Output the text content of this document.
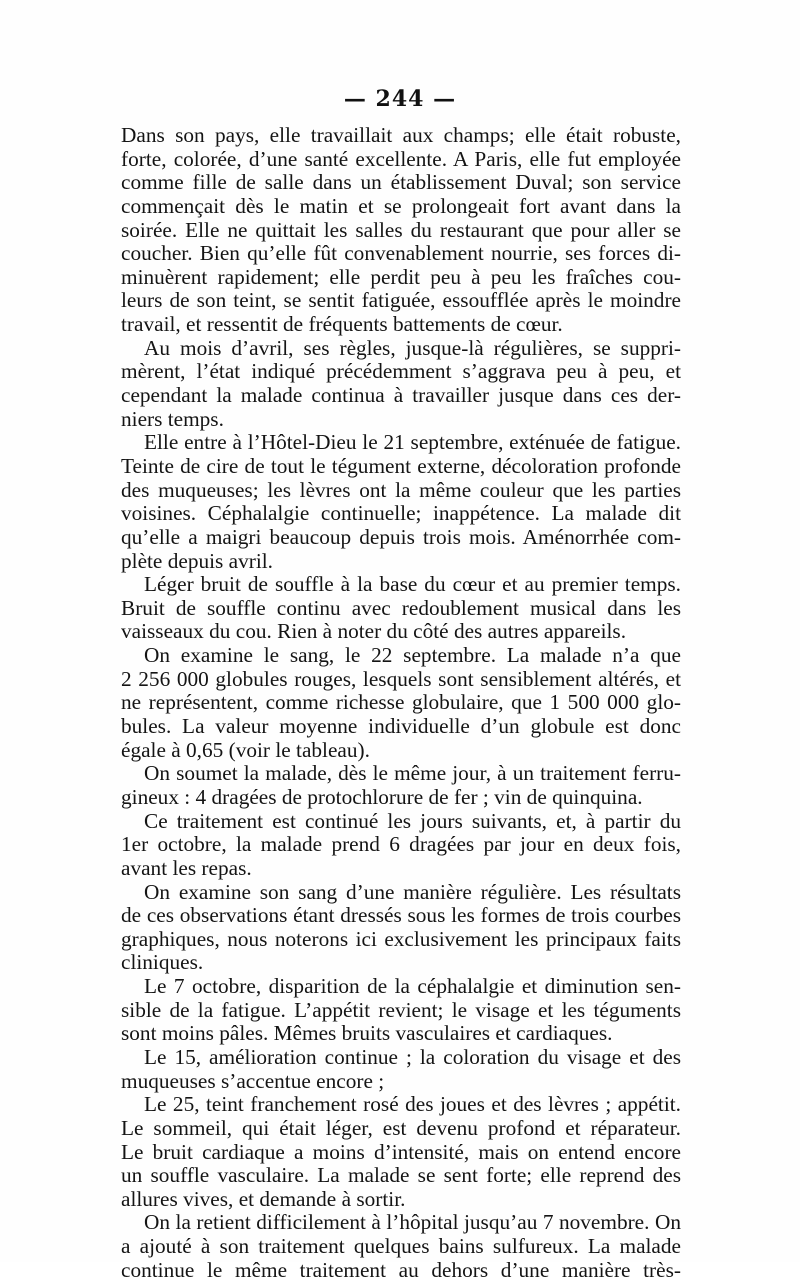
— 244 —
Dans son pays, elle travaillait aux champs; elle était robuste,
forte, colorée, d’une santé excellente. A Paris, elle fut employée
comme fille de salle dans un établissement Duval; son service
commençait dès le matin et se prolongeait fort avant dans la
soirée. Elle ne quittait les salles du restaurant que pour aller se
coucher. Bien qu’elle fût convenablement nourrie, ses forces di-
minuèrent rapidement; elle perdit peu à peu les fraîches cou-
leurs de son teint, se sentit fatiguée, essoufflée après le moindre
travail, et ressentit de fréquents battements de cœur.
Au mois d’avril, ses règles, jusque-là régulières, se suppri-
mèrent, l’état indiqué précédemment s’aggrava peu à peu, et
cependant la malade continua à travailler jusque dans ces der-
niers temps.
Elle entre à l’Hôtel-Dieu le 21 septembre, exténuée de fatigue.
Teinte de cire de tout le tégument externe, décoloration profonde
des muqueuses; les lèvres ont la même couleur que les parties
voisines. Céphalalgie continuelle; inappétence. La malade dit
qu’elle a maigri beaucoup depuis trois mois. Aménorrhée com-
plète depuis avril.
Léger bruit de souffle à la base du cœur et au premier temps.
Bruit de souffle continu avec redoublement musical dans les
vaisseaux du cou. Rien à noter du côté des autres appareils.
On examine le sang, le 22 septembre. La malade n’a que
2 256 000 globules rouges, lesquels sont sensiblement altérés, et
ne représentent, comme richesse globulaire, que 1 500 000 glo-
bules. La valeur moyenne individuelle d’un globule est donc
égale à 0,65 (voir le tableau).
On soumet la malade, dès le même jour, à un traitement ferru-
gineux : 4 dragées de protochlorure de fer ; vin de quinquina.
Ce traitement est continué les jours suivants, et, à partir du
1er octobre, la malade prend 6 dragées par jour en deux fois,
avant les repas.
On examine son sang d’une manière régulière. Les résultats
de ces observations étant dressés sous les formes de trois courbes
graphiques, nous noterons ici exclusivement les principaux faits
cliniques.
Le 7 octobre, disparition de la céphalalgie et diminution sen-
sible de la fatigue. L’appétit revient; le visage et les téguments
sont moins pâles. Mêmes bruits vasculaires et cardiaques.
Le 15, amélioration continue ; la coloration du visage et des
muqueuses s’accentue encore ;
Le 25, teint franchement rosé des joues et des lèvres ; appétit.
Le sommeil, qui était léger, est devenu profond et réparateur.
Le bruit cardiaque a moins d’intensité, mais on entend encore
un souffle vasculaire. La malade se sent forte; elle reprend des
allures vives, et demande à sortir.
On la retient difficilement à l’hôpital jusqu’au 7 novembre. On
a ajouté à son traitement quelques bains sulfureux. La malade
continue le même traitement au dehors d’une manière très-
